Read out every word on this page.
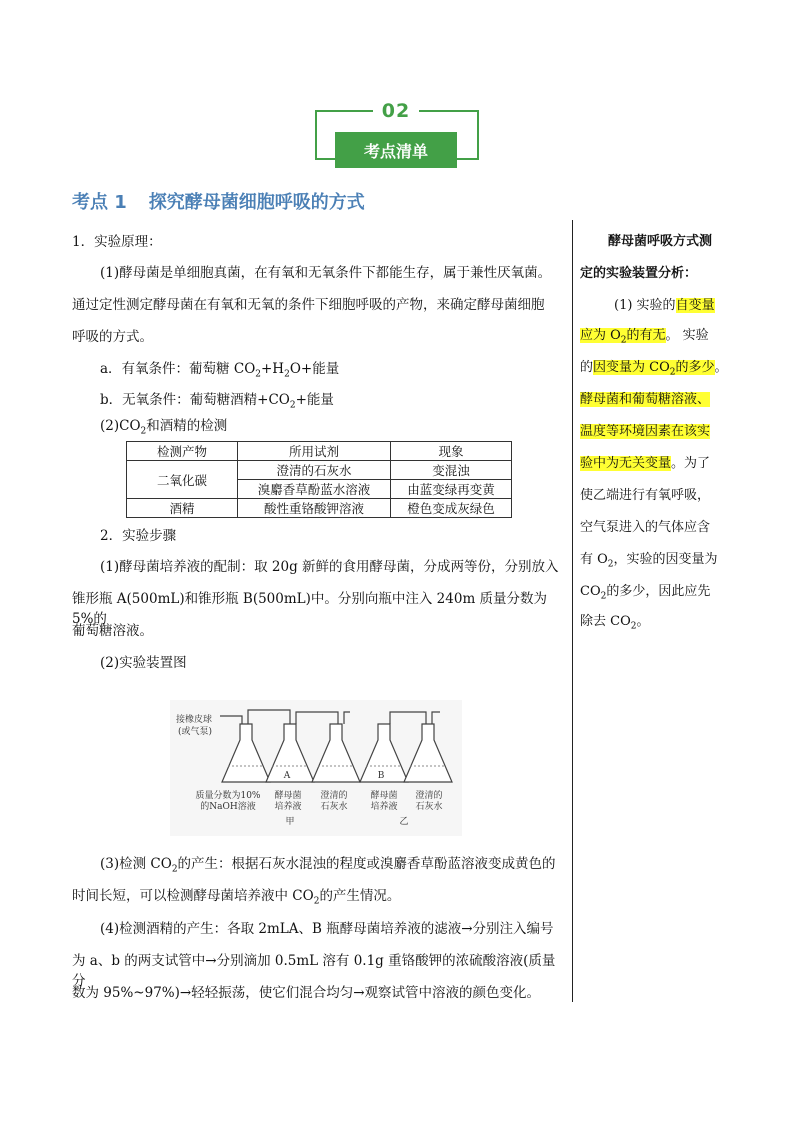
02
考点清单
考点 1 探究酵母菌细胞呼吸的方式
1．实验原理：
(1)酵母菌是单细胞真菌，在有氧和无氧条件下都能生存，属于兼性厌氧菌。
通过定性测定酵母菌在有氧和无氧的条件下细胞呼吸的产物，来确定酵母菌细胞
呼吸的方式。
a．有氧条件：葡萄糖 $CO_2+H_2O+$能量
b．无氧条件：葡萄糖酒精$+CO_2+$能量
$(2)CO_2$和酒精的检测
检测产物	所用试剂	现象
二氧化碳	澄清的石灰水	变混浊
	溴麝香草酚蓝水溶液	由蓝变绿再变黄
酒精	酸性重铬酸钾溶液	橙色变成灰绿色
2．实验步骤
(1)酵母菌培养液的配制：取 20g 新鲜的食用酵母菌，分成两等份，分别放入
锥形瓶 A(500mL)和锥形瓶 B(500mL)中。分别向瓶中注入 240m 质量分数为 5%的
葡萄糖溶液。
(2)实验装置图
接橡皮球
(或气泵)
A	B
质量分数为10%
的NaOH溶液
酵母菌
培养液
澄清的
石灰水
酵母菌
培养液
澄清的
石灰水
甲	乙
(3)检测 $CO_2$的产生：根据石灰水混浊的程度或溴麝香草酚蓝溶液变成黄色的
时间长短，可以检测酵母菌培养液中 $CO_2$的产生情况。
(4)检测酒精的产生：各取 2mLA、B 瓶酵母菌培养液的滤液→分别注入编号
为 a、b 的两支试管中→分别滴加 0.5mL 溶有 0.1g 重铬酸钾的浓硫酸溶液(质量分
数为 95%~97%)→轻轻振荡，使它们混合均匀→观察试管中溶液的颜色变化。
酵母菌呼吸方式测
定的实验装置分析：
(1) 实验的自变量
应为 $O_2$的有无。 实验
的因变量为 $CO_2$的多少。
酵母菌和葡萄糖溶液、
温度等环境因素在该实
验中为无关变量。为了
使乙端进行有氧呼吸，
空气泵进入的气体应含
有 $O_2$，实验的因变量为
$CO_2$的多少，因此应先
除去 $CO_2$。
